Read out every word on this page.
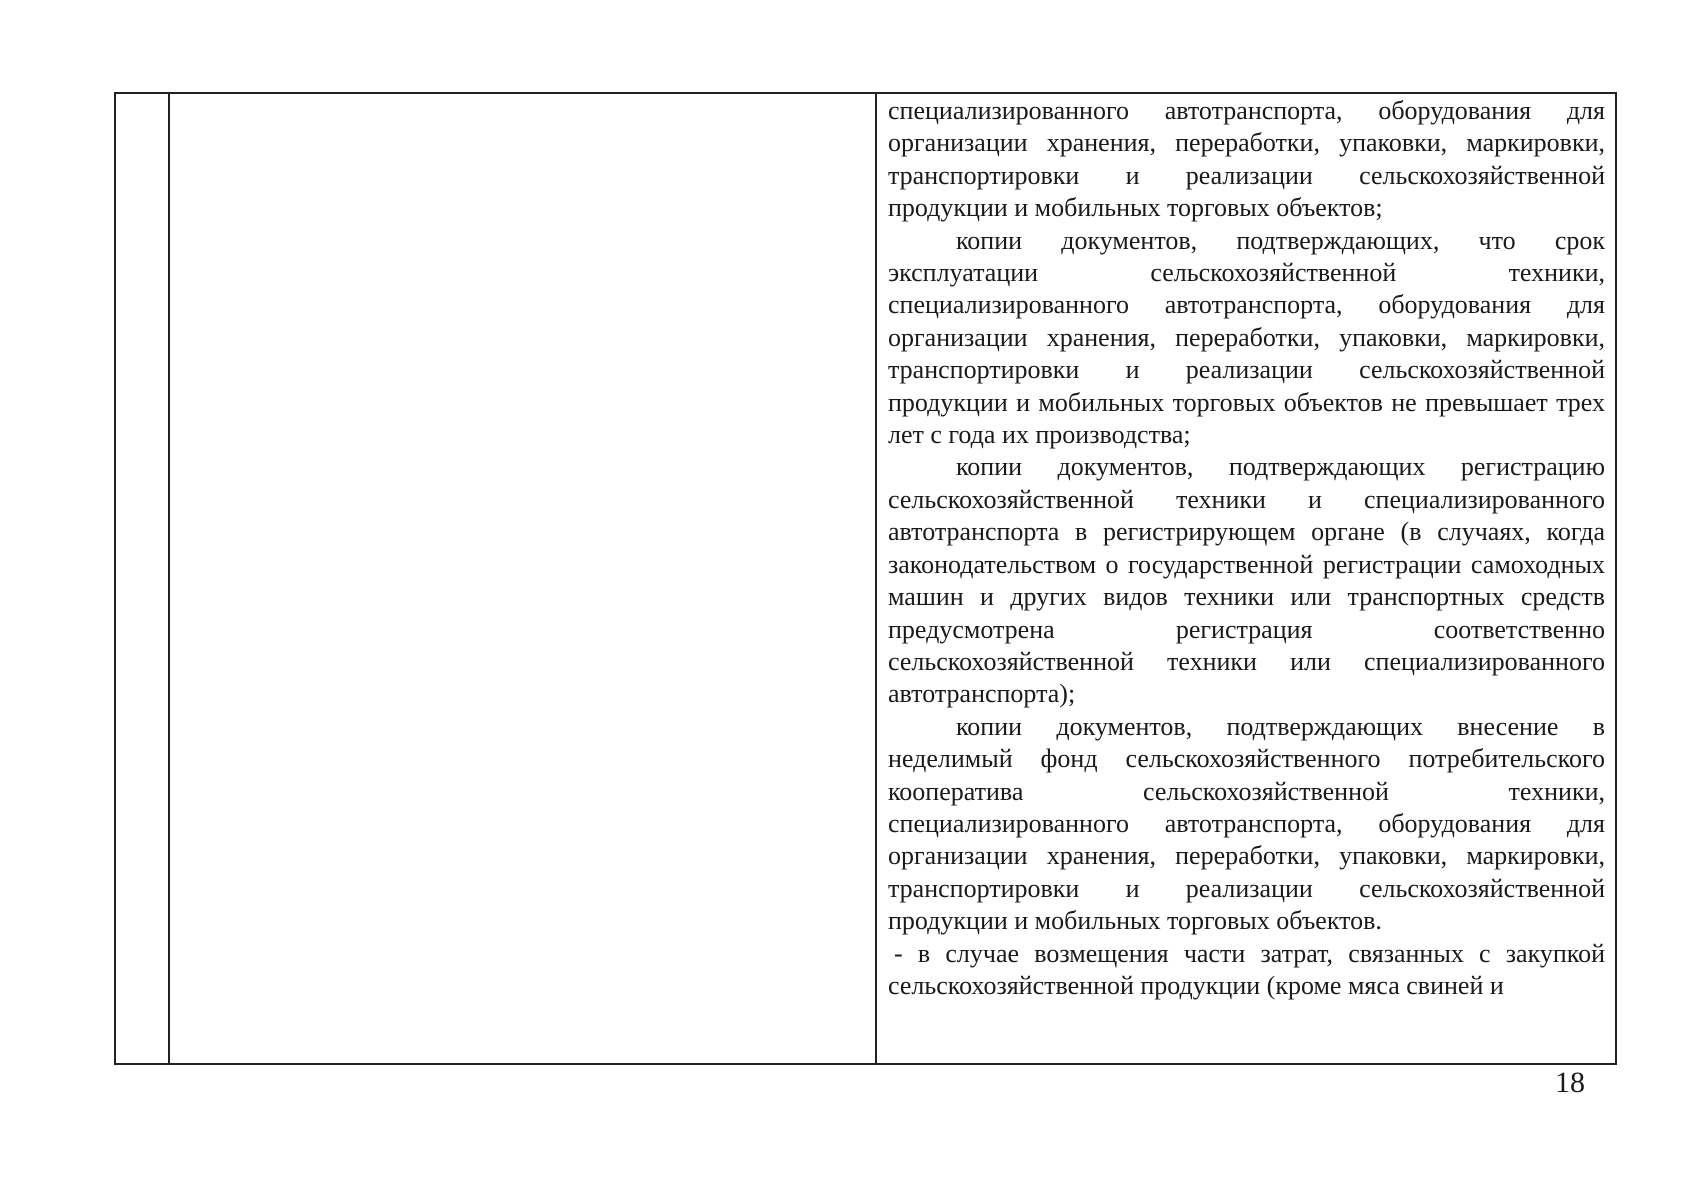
специализированного автотранспорта, оборудования для организации хранения, переработки, упаковки, маркировки, транспортировки и реализации сельскохозяйственной продукции и мобильных торговых объектов;

копии документов, подтверждающих, что срок эксплуатации сельскохозяйственной техники, специализированного автотранспорта, оборудования для организации хранения, переработки, упаковки, маркировки, транспортировки и реализации сельскохозяйственной продукции и мобильных торговых объектов не превышает трех лет с года их производства;

копии документов, подтверждающих регистрацию сельскохозяйственной техники и специализированного автотранспорта в регистрирующем органе (в случаях, когда законодательством о государственной регистрации самоходных машин и других видов техники или транспортных средств предусмотрена регистрация соответственно сельскохозяйственной техники или специализированного автотранспорта);

копии документов, подтверждающих внесение в неделимый фонд сельскохозяйственного потребительского кооператива сельскохозяйственной техники, специализированного автотранспорта, оборудования для организации хранения, переработки, упаковки, маркировки, транспортировки и реализации сельскохозяйственной продукции и мобильных торговых объектов.

- в случае возмещения части затрат, связанных с закупкой сельскохозяйственной продукции (кроме мяса свиней и

18
